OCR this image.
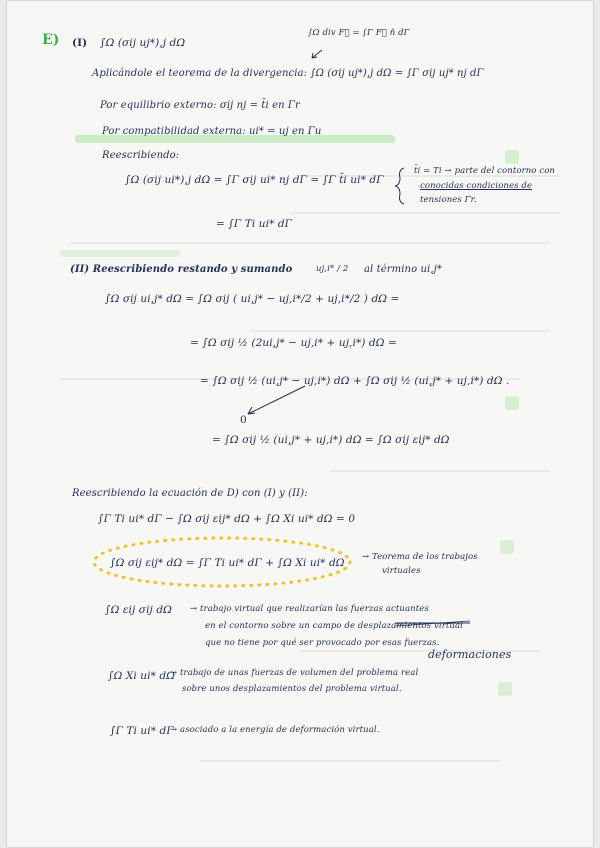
E) (I) ∫Ω (σij uj*),j dΩ
∫Ω div F⃗ = ∫Γ F⃗ n̂ dΓ
Aplicándole el teorema de la divergencia: ∫Ω (σij uj*),j dΩ = ∫Γ σij uj* nj dΓ
Por equilibrio externo: σij nj = t̄i en Γr
Por compatibilidad externa: ui* = uj en Γu
Reescribiendo:
∫Ω (σij ui*),j dΩ = ∫Γ σij ui* nj dΓ = ∫Γ t̄i ui* dΓ
t̄i = Ti → parte del contorno con
conocidas condiciones de
tensiones Γr.
= ∫Γ Ti ui* dΓ
(II) Reescribiendo restando y sumando	uj,i* / 2 al término ui,j*
∫Ω σij ui,j* dΩ = ∫Ω σij ( ui,j* − uj,i*/2 + uj,i*/2 ) dΩ =
= ∫Ω σij ½ (2ui,j* − uj,i* + uj,i*) dΩ =
= ∫Ω σij ½ (ui,j* − uj,i*) dΩ + ∫Ω σij ½ (ui,j* + uj,i*) dΩ .
0
= ∫Ω σij ½ (ui,j* + uj,i*) dΩ = ∫Ω σij εij* dΩ
Reescribiendo la ecuación de D) con (I) y (II):
∫Γ Ti ui* dΓ − ∫Ω σij εij* dΩ + ∫Ω Xi ui* dΩ = 0
∫Ω σij εij* dΩ = ∫Γ Ti ui* dΓ + ∫Ω Xi ui* dΩ → Teorema de los trabajos
virtuales
∫Ω εij σij dΩ → trabajo virtual que realizarían las fuerzas actuantes
en el contorno sobre un campo de desplazamientos virtual
que no tiene por qué ser provocado por esas fuerzas.
deformaciones
∫Ω Xi ui* dΩ
→ trabajo de unas fuerzas de volumen del problema real
sobre unos desplazamientos del problema virtual.
∫Γ Ti ui* dΓ
→ asociado a la energía de deformación virtual.
